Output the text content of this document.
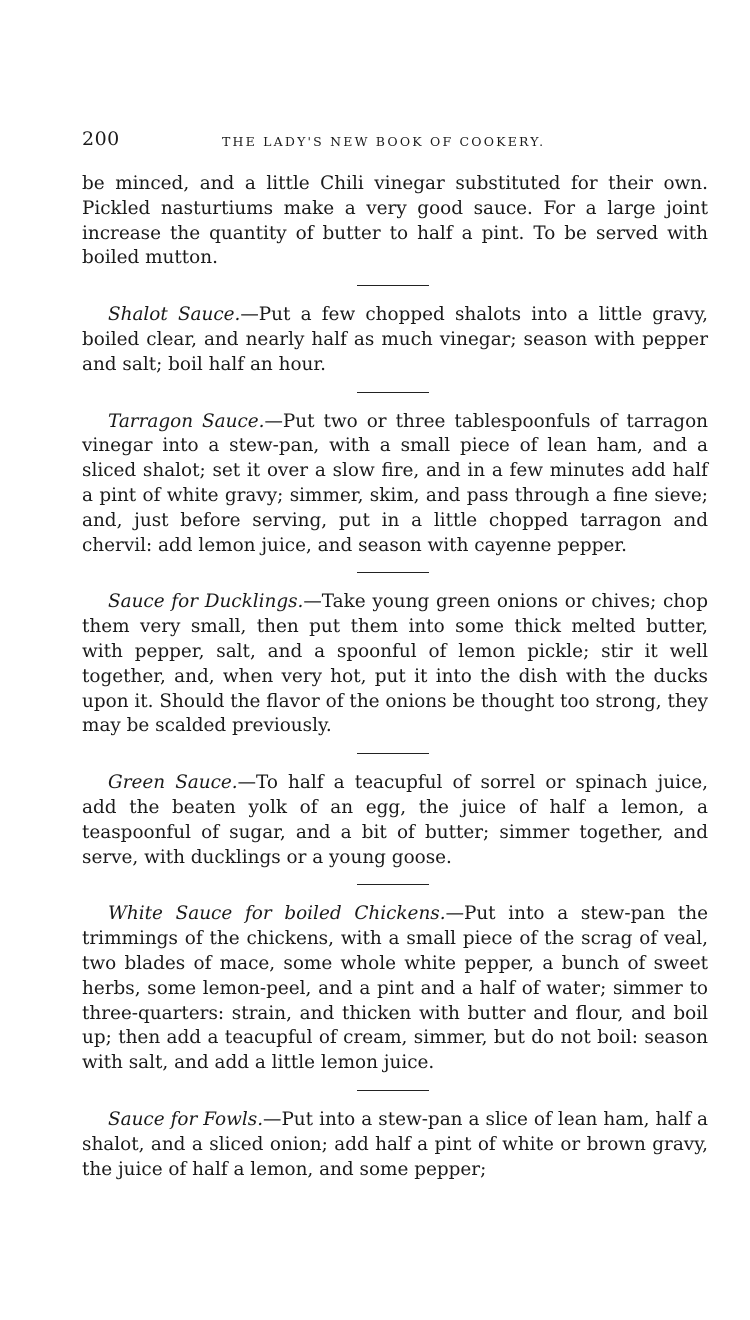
200	THE LADY'S NEW BOOK OF COOKERY.

be minced, and a little Chili vinegar substituted for their own. Pickled nasturtiums make a very good sauce. For a large joint increase the quantity of butter to half a pint. To be served with boiled mutton.

Shalot Sauce.—Put a few chopped shalots into a little gravy, boiled clear, and nearly half as much vinegar; season with pepper and salt; boil half an hour.

Tarragon Sauce.—Put two or three tablespoonfuls of tarragon vinegar into a stew-pan, with a small piece of lean ham, and a sliced shalot; set it over a slow fire, and in a few minutes add half a pint of white gravy; simmer, skim, and pass through a fine sieve; and, just before serving, put in a little chopped tarragon and chervil: add lemon juice, and season with cayenne pepper.

Sauce for Ducklings.—Take young green onions or chives; chop them very small, then put them into some thick melted butter, with pepper, salt, and a spoonful of lemon pickle; stir it well together, and, when very hot, put it into the dish with the ducks upon it. Should the flavor of the onions be thought too strong, they may be scalded previously.

Green Sauce.—To half a teacupful of sorrel or spinach juice, add the beaten yolk of an egg, the juice of half a lemon, a teaspoonful of sugar, and a bit of butter; simmer together, and serve, with ducklings or a young goose.

White Sauce for boiled Chickens.—Put into a stew-pan the trimmings of the chickens, with a small piece of the scrag of veal, two blades of mace, some whole white pepper, a bunch of sweet herbs, some lemon-peel, and a pint and a half of water; simmer to three-quarters: strain, and thicken with butter and flour, and boil up; then add a teacupful of cream, simmer, but do not boil: season with salt, and add a little lemon juice.

Sauce for Fowls.—Put into a stew-pan a slice of lean ham, half a shalot, and a sliced onion; add half a pint of white or brown gravy, the juice of half a lemon, and some pepper;
